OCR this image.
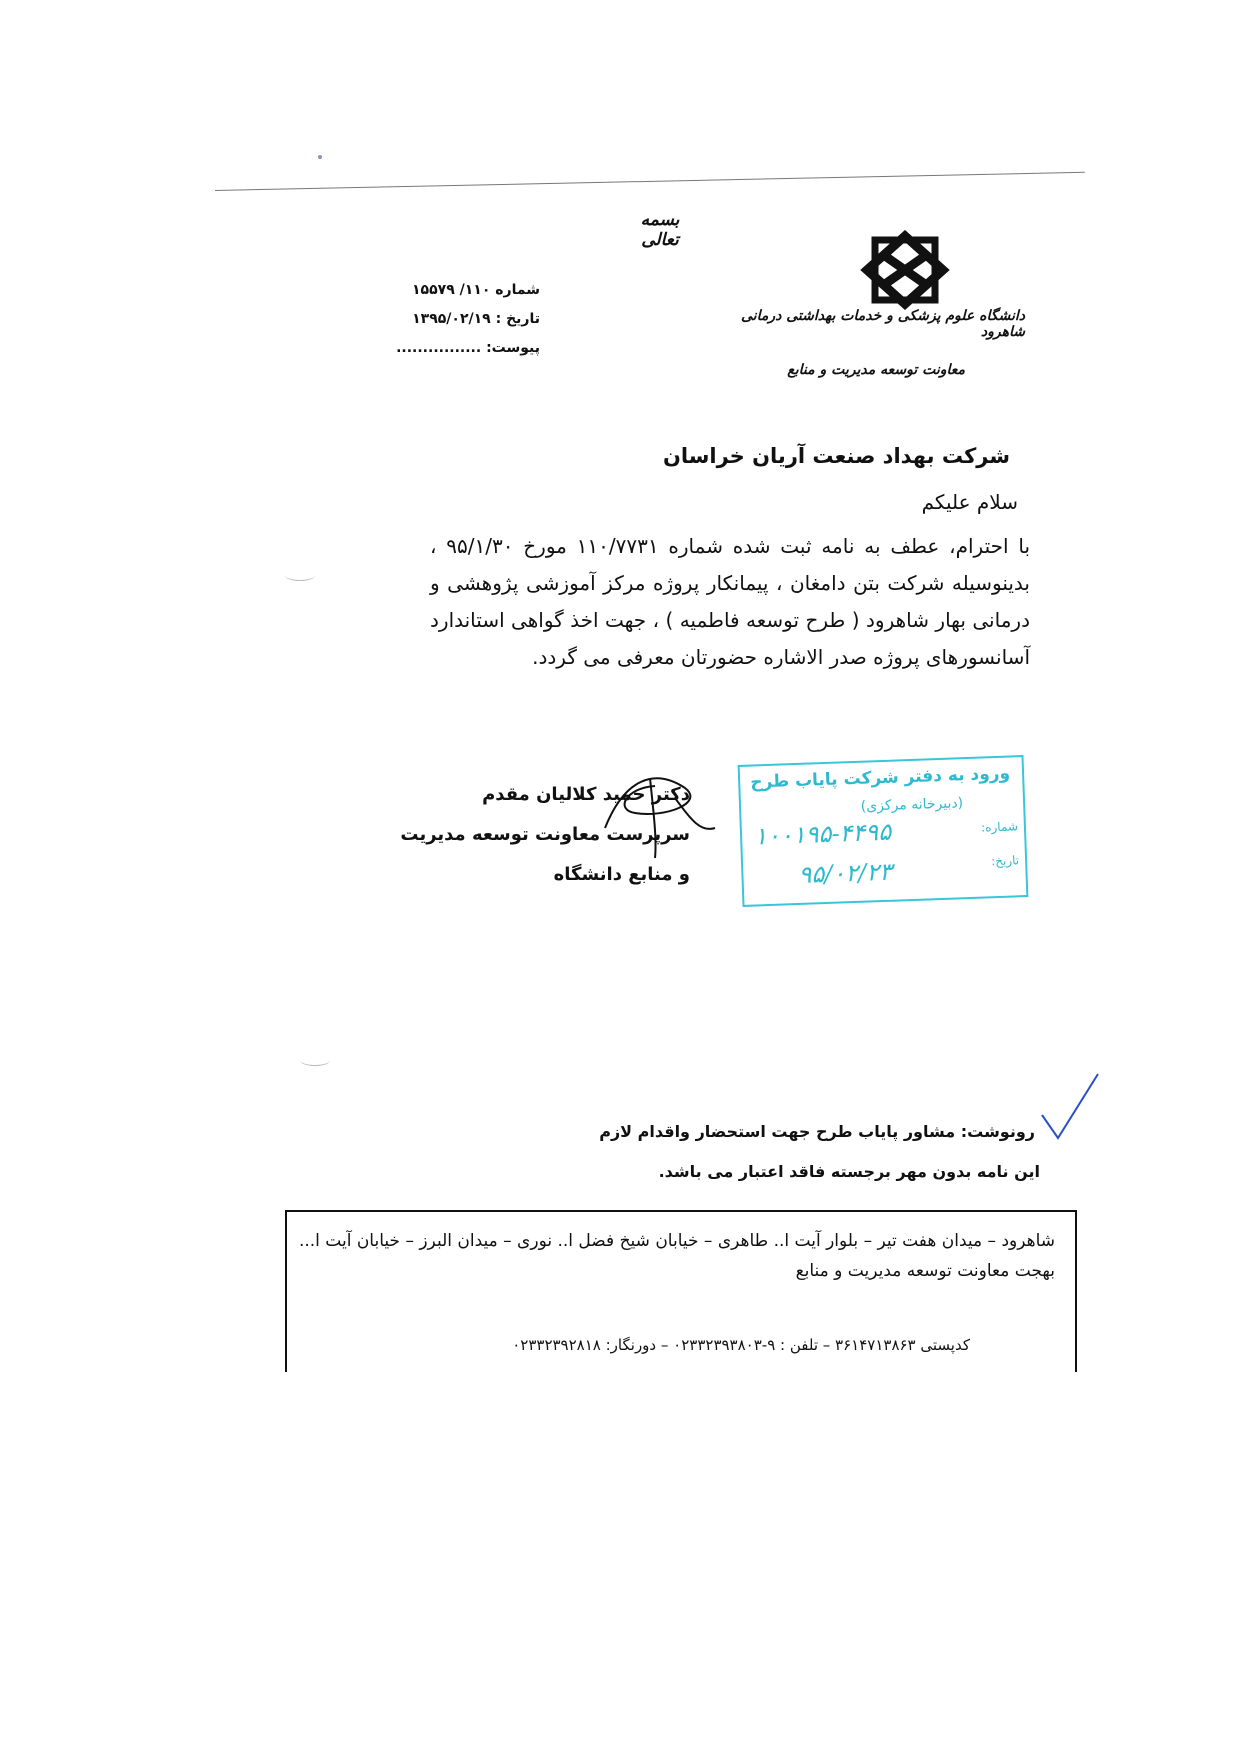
بسمه تعالی
دانشگاه علوم پزشکی و خدمات بهداشتی درمانی شاهرود
معاونت توسعه مدیریت و منابع
شماره ۱۱۰/ ۱۵۵۷۹
تاریخ : ۱۳۹۵/۰۲/۱۹
پیوست: ................
شرکت بهداد صنعت آریان خراسان
سلام علیکم
با احترام، عطف به نامه ثبت شده شماره ۱۱۰/۷۷۳۱ مورخ ۹۵/۱/۳۰ ، بدینوسیله شرکت بتن دامغان ، پیمانکار پروژه مرکز آموزشی پژوهشی و درمانی بهار شاهرود ( طرح توسعه فاطمیه ) ، جهت اخذ گواهی استاندارد آسانسورهای پروژه صدر الاشاره حضورتان معرفی می گردد.
دکتر حمید کلالیان مقدم
سرپرست معاونت توسعه مدیریت
و منابع دانشگاه
ورود به دفتر شرکت پایاب طرح
(دبیرخانه مرکزی)
شماره:
۱۰۰۱۹۵-۴۴۹۵
تاریخ:
۹۵/۰۲/۲۳
رونوشت: مشاور پایاب طرح جهت استحضار واقدام لازم
این نامه بدون مهر برجسته فاقد اعتبار می باشد.
شاهرود – میدان هفت تیر – بلوار آیت ا.. طاهری – خیابان شیخ فضل ا.. نوری – میدان البرز – خیابان آیت ا... بهجت معاونت توسعه مدیریت و منابع
کدپستی ۳۶۱۴۷۱۳۸۶۳ – تلفن : ۹-۰۲۳۳۲۳۹۳۸۰۳ – دورنگار: ۰۲۳۳۲۳۹۲۸۱۸
